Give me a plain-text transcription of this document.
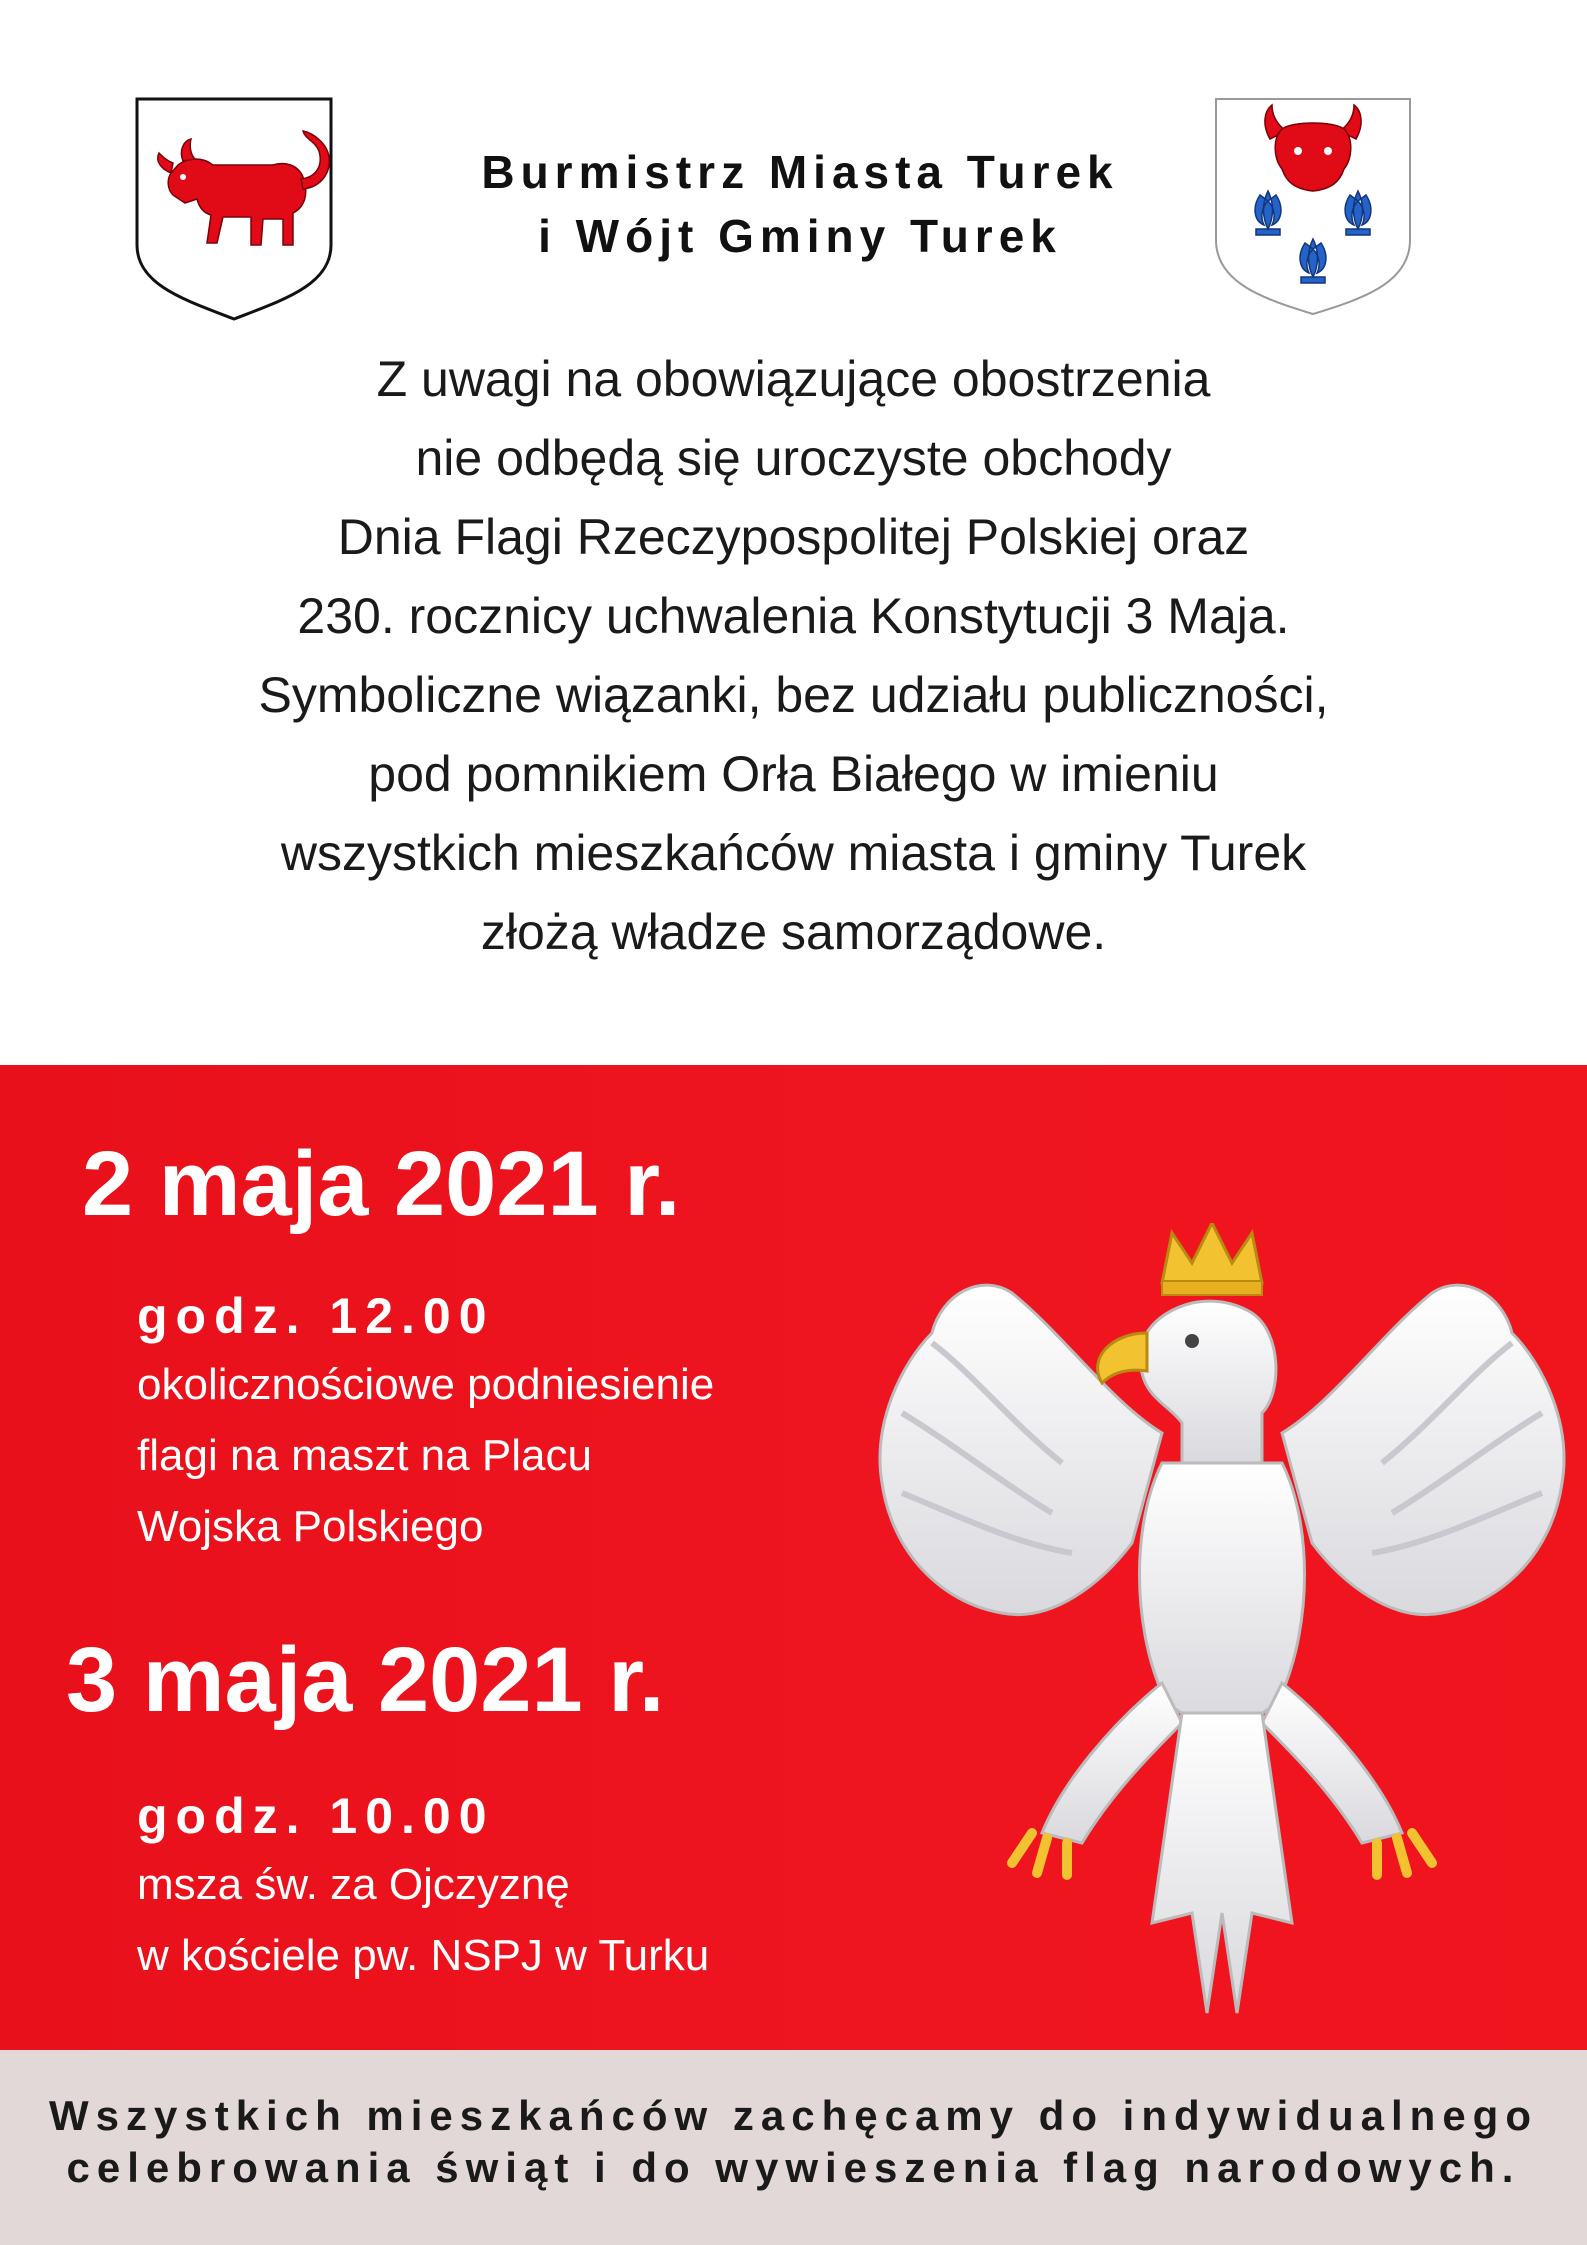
Burmistrz Miasta Turek
i Wójt Gminy Turek
Z uwagi na obowiązujące obostrzenia
nie odbędą się uroczyste obchody
Dnia Flagi Rzeczypospolitej Polskiej oraz
230. rocznicy uchwalenia Konstytucji 3 Maja.
Symboliczne wiązanki, bez udziału publiczności,
pod pomnikiem Orła Białego w imieniu
wszystkich mieszkańców miasta i gminy Turek
złożą władze samorządowe.
2 maja 2021 r.
godz. 12.00
okolicznościowe podniesienie
flagi na maszt na Placu
Wojska Polskiego
3 maja 2021 r.
godz. 10.00
msza św. za Ojczyznę
w kościele pw. NSPJ w Turku
Wszystkich mieszkańców zachęcamy do indywidualnego
celebrowania świąt i do wywieszenia flag narodowych.
